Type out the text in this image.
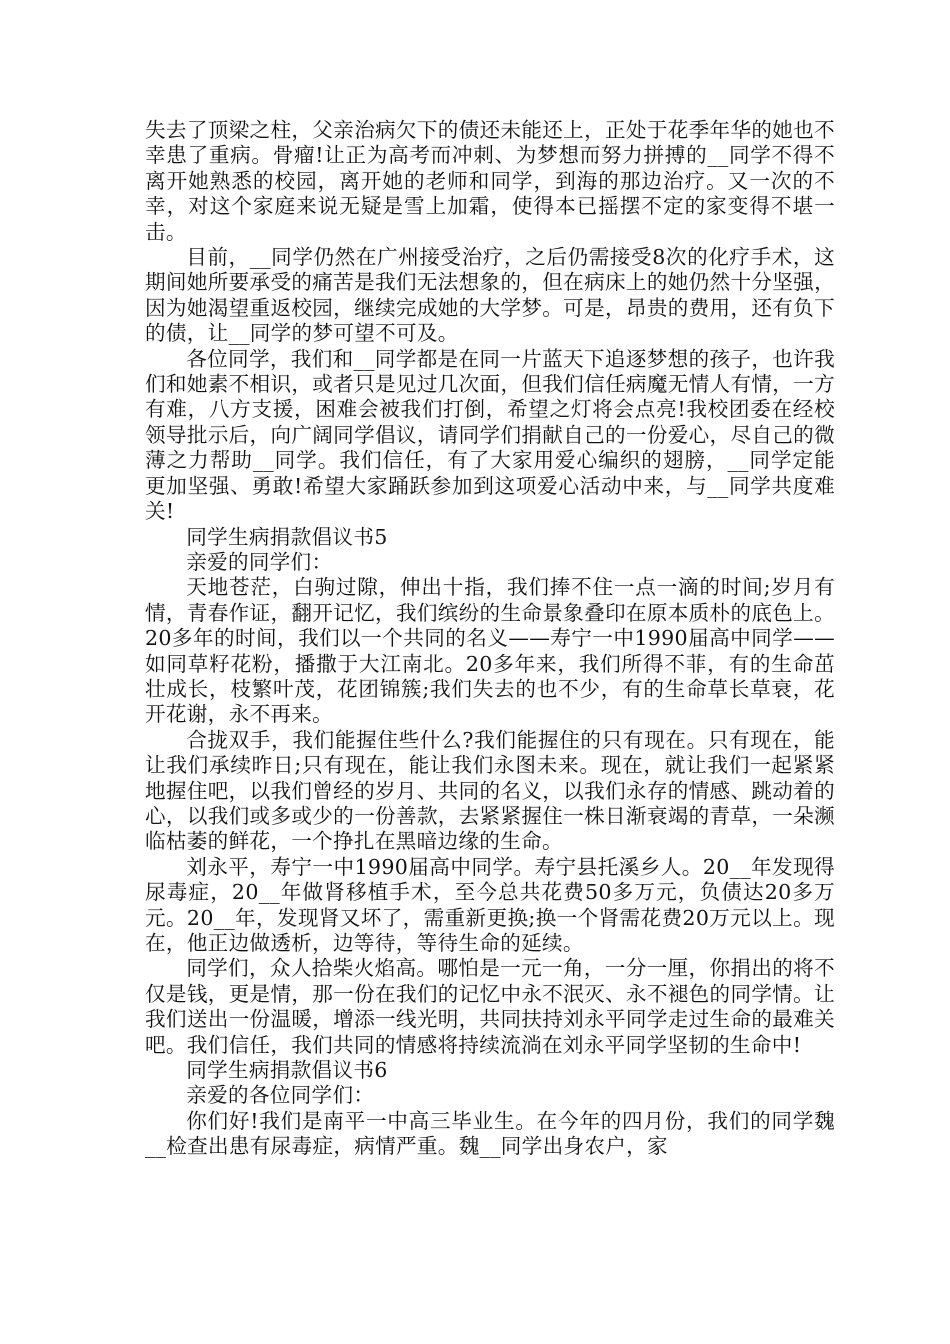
失去了顶梁之柱，父亲治病欠下的债还未能还上，正处于花季年华的她也不幸患了重病。骨瘤!让正为高考而冲刺、为梦想而努力拼搏的__同学不得不离开她熟悉的校园，离开她的老师和同学，到海的那边治疗。又一次的不幸，对这个家庭来说无疑是雪上加霜，使得本已摇摆不定的家变得不堪一击。

目前，__同学仍然在广州接受治疗，之后仍需接受8次的化疗手术，这期间她所要承受的痛苦是我们无法想象的，但在病床上的她仍然十分坚强，因为她渴望重返校园，继续完成她的大学梦。可是，昂贵的费用，还有负下的债，让__同学的梦可望不可及。

各位同学，我们和__同学都是在同一片蓝天下追逐梦想的孩子，也许我们和她素不相识，或者只是见过几次面，但我们信任病魔无情人有情，一方有难，八方支援，困难会被我们打倒，希望之灯将会点亮!我校团委在经校领导批示后，向广阔同学倡议，请同学们捐献自己的一份爱心，尽自己的微薄之力帮助__同学。我们信任，有了大家用爱心编织的翅膀，__同学定能更加坚强、勇敢!希望大家踊跃参加到这项爱心活动中来，与__同学共度难关!

同学生病捐款倡议书5

亲爱的同学们：

天地苍茫，白驹过隙，伸出十指，我们捧不住一点一滴的时间;岁月有情，青春作证，翻开记忆，我们缤纷的生命景象叠印在原本质朴的底色上。20多年的时间，我们以一个共同的名义——寿宁一中1990届高中同学——如同草籽花粉，播撒于大江南北。20多年来，我们所得不菲，有的生命茁壮成长，枝繁叶茂，花团锦簇;我们失去的也不少，有的生命草长草衰，花开花谢，永不再来。

合拢双手，我们能握住些什么?我们能握住的只有现在。只有现在，能让我们承续昨日;只有现在，能让我们永图未来。现在，就让我们一起紧紧地握住吧，以我们曾经的岁月、共同的名义，以我们永存的情感、跳动着的心，以我们或多或少的一份善款，去紧紧握住一株日渐衰竭的青草，一朵濒临枯萎的鲜花，一个挣扎在黑暗边缘的生命。

刘永平，寿宁一中1990届高中同学。寿宁县托溪乡人。20__年发现得尿毒症，20__年做肾移植手术，至今总共花费50多万元，负债达20多万元。20__年，发现肾又坏了，需重新更换;换一个肾需花费20万元以上。现在，他正边做透析，边等待，等待生命的延续。

同学们，众人拾柴火焰高。哪怕是一元一角，一分一厘，你捐出的将不仅是钱，更是情，那一份在我们的记忆中永不泯灭、永不褪色的同学情。让我们送出一份温暖，增添一线光明，共同扶持刘永平同学走过生命的最难关吧。我们信任，我们共同的情感将持续流淌在刘永平同学坚韧的生命中!

同学生病捐款倡议书6

亲爱的各位同学们：

你们好!我们是南平一中高三毕业生。在今年的四月份，我们的同学魏__检查出患有尿毒症，病情严重。魏__同学出身农户，家
